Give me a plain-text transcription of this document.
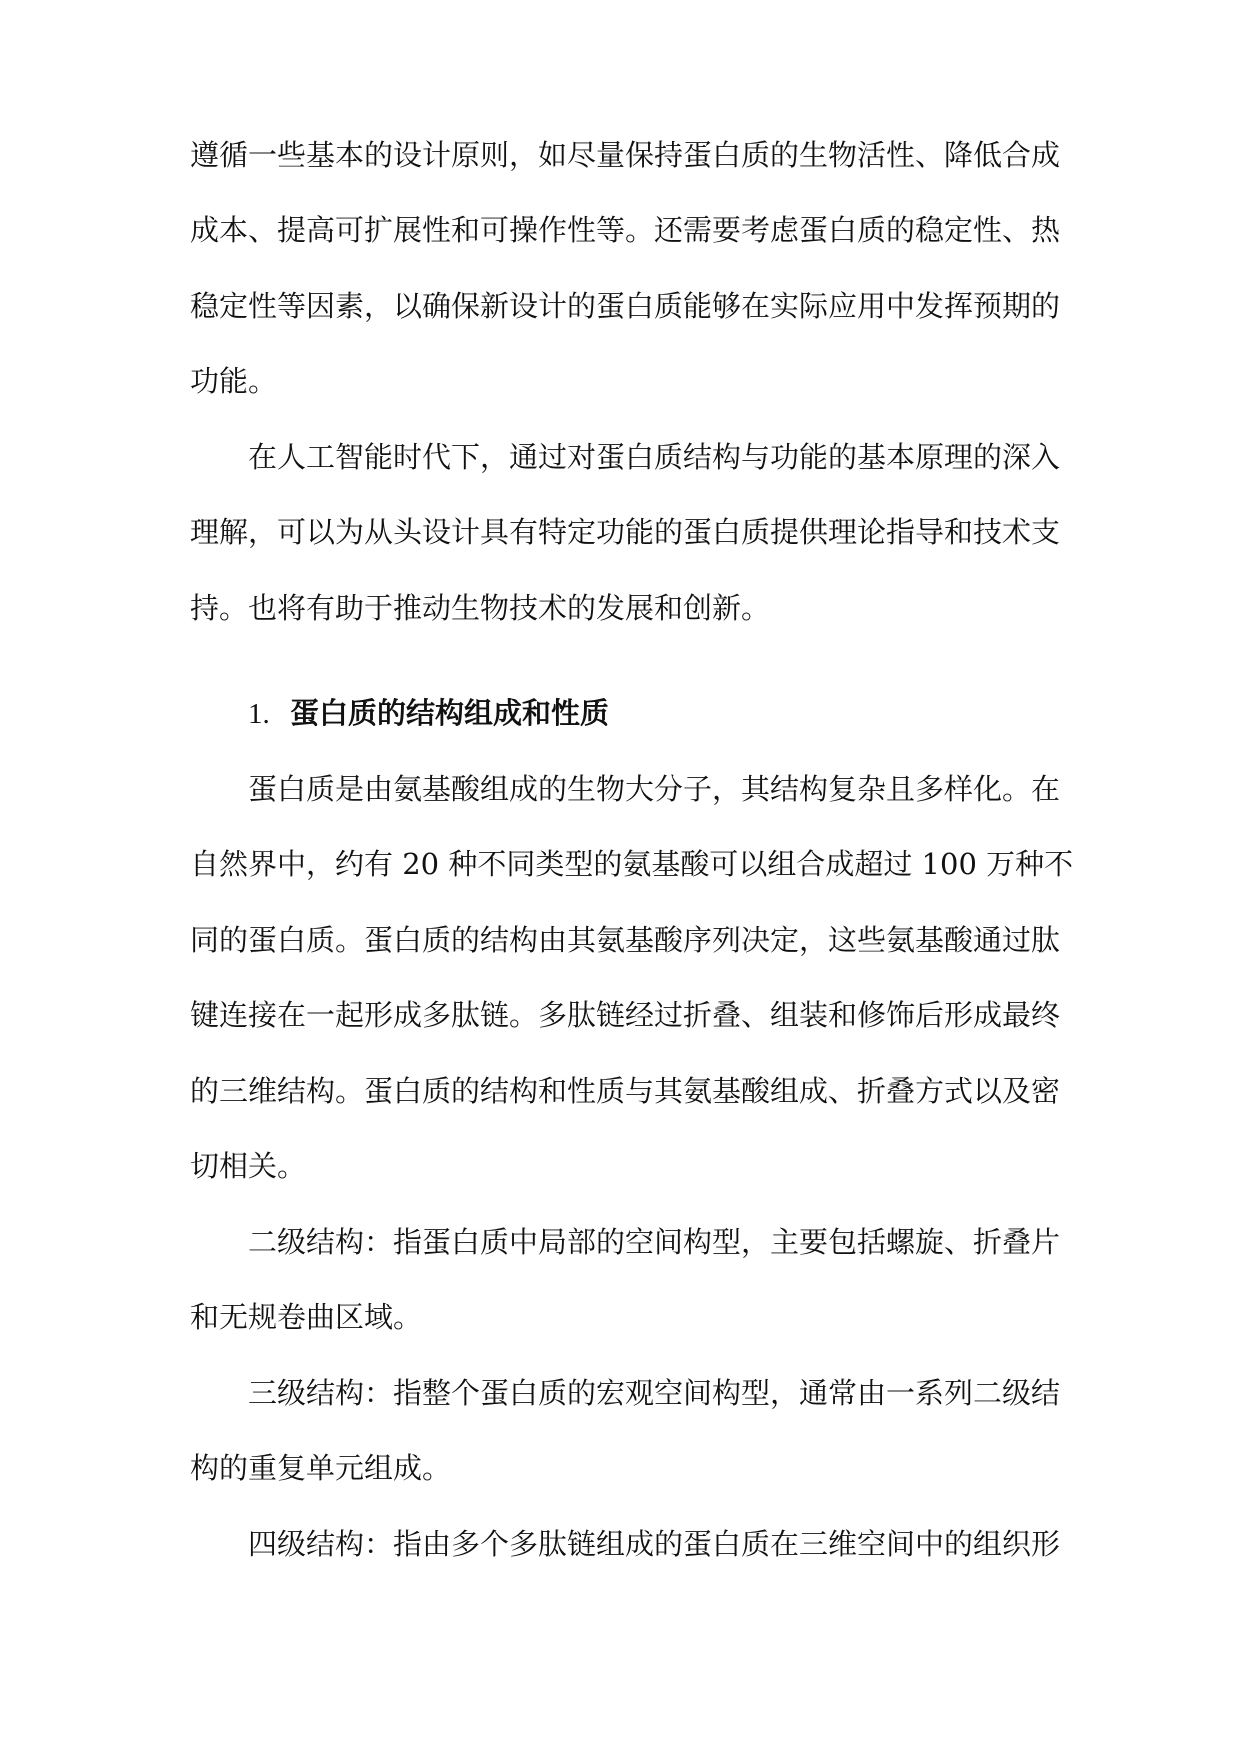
遵循一些基本的设计原则，如尽量保持蛋白质的生物活性、降低合成

成本、提高可扩展性和可操作性等。还需要考虑蛋白质的稳定性、热

稳定性等因素，以确保新设计的蛋白质能够在实际应用中发挥预期的

功能。

在人工智能时代下，通过对蛋白质结构与功能的基本原理的深入

理解，可以为从头设计具有特定功能的蛋白质提供理论指导和技术支

持。也将有助于推动生物技术的发展和创新。

1. 蛋白质的结构组成和性质

蛋白质是由氨基酸组成的生物大分子，其结构复杂且多样化。在

自然界中，约有 20 种不同类型的氨基酸可以组合成超过 100 万种不

同的蛋白质。蛋白质的结构由其氨基酸序列决定，这些氨基酸通过肽

键连接在一起形成多肽链。多肽链经过折叠、组装和修饰后形成最终

的三维结构。蛋白质的结构和性质与其氨基酸组成、折叠方式以及密

切相关。

二级结构：指蛋白质中局部的空间构型，主要包括螺旋、折叠片

和无规卷曲区域。

三级结构：指整个蛋白质的宏观空间构型，通常由一系列二级结

构的重复单元组成。

四级结构：指由多个多肽链组成的蛋白质在三维空间中的组织形
